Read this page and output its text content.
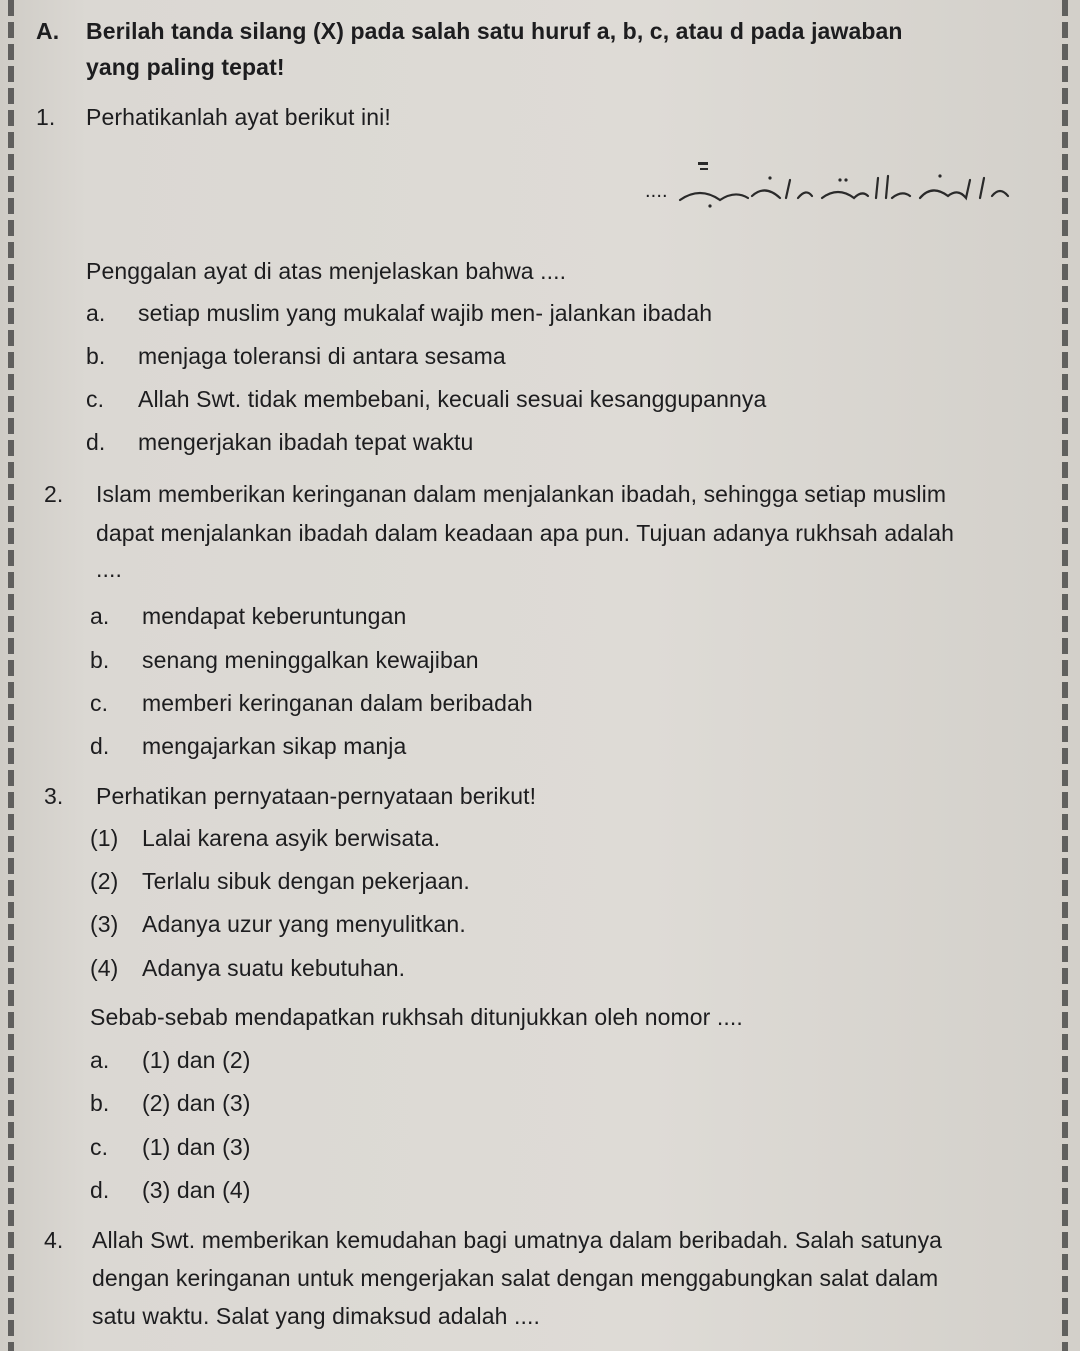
A. Berilah tanda silang (X) pada salah satu huruf a, b, c, atau d pada jawaban
yang paling tepat!
1. Perhatikanlah ayat berikut ini!
....
Penggalan ayat di atas menjelaskan bahwa ....
a. setiap muslim yang mukalaf wajib men- jalankan ibadah
b. menjaga toleransi di antara sesama
c. Allah Swt. tidak membebani, kecuali sesuai kesanggupannya
d. mengerjakan ibadah tepat waktu
2. Islam memberikan keringanan dalam menjalankan ibadah, sehingga setiap muslim
dapat menjalankan ibadah dalam keadaan apa pun. Tujuan adanya rukhsah adalah
....
a. mendapat keberuntungan
b. senang meninggalkan kewajiban
c. memberi keringanan dalam beribadah
d. mengajarkan sikap manja
3. Perhatikan pernyataan-pernyataan berikut!
(1) Lalai karena asyik berwisata.
(2) Terlalu sibuk dengan pekerjaan.
(3) Adanya uzur yang menyulitkan.
(4) Adanya suatu kebutuhan.
Sebab-sebab mendapatkan rukhsah ditunjukkan oleh nomor ....
a. (1) dan (2)
b. (2) dan (3)
c. (1) dan (3)
d. (3) dan (4)
4. Allah Swt. memberikan kemudahan bagi umatnya dalam beribadah. Salah satunya
dengan keringanan untuk mengerjakan salat dengan menggabungkan salat dalam
satu waktu. Salat yang dimaksud adalah ....
